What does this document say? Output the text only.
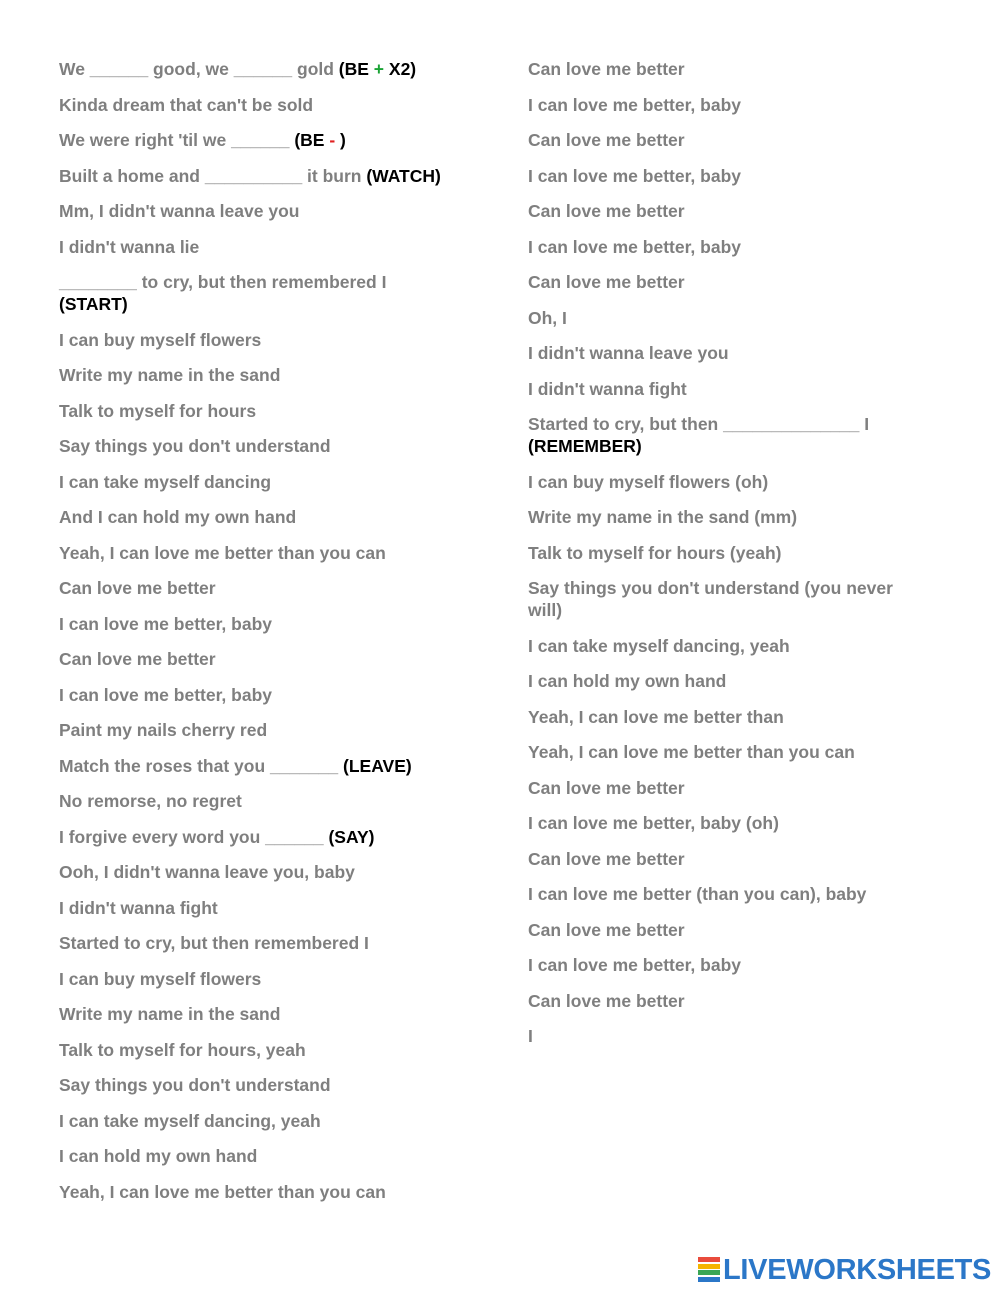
We ______ good, we ______ gold (BE + X2)
Kinda dream that can't be sold
We were right 'til we ______ (BE - )
Built a home and __________ it burn (WATCH)
Mm, I didn't wanna leave you
I didn't wanna lie
________ to cry, but then remembered I (START)
I can buy myself flowers
Write my name in the sand
Talk to myself for hours
Say things you don't understand
I can take myself dancing
And I can hold my own hand
Yeah, I can love me better than you can
Can love me better
I can love me better, baby
Can love me better
I can love me better, baby
Paint my nails cherry red
Match the roses that you _______ (LEAVE)
No remorse, no regret
I forgive every word you ______ (SAY)
Ooh, I didn't wanna leave you, baby
I didn't wanna fight
Started to cry, but then remembered I
I can buy myself flowers
Write my name in the sand
Talk to myself for hours, yeah
Say things you don't understand
I can take myself dancing, yeah
I can hold my own hand
Yeah, I can love me better than you can
Can love me better
I can love me better, baby
Can love me better
I can love me better, baby
Can love me better
I can love me better, baby
Can love me better
Oh, I
I didn't wanna leave you
I didn't wanna fight
Started to cry, but then ______________ I (REMEMBER)
I can buy myself flowers (oh)
Write my name in the sand (mm)
Talk to myself for hours (yeah)
Say things you don't understand (you never will)
I can take myself dancing, yeah
I can hold my own hand
Yeah, I can love me better than
Yeah, I can love me better than you can
Can love me better
I can love me better, baby (oh)
Can love me better
I can love me better (than you can), baby
Can love me better
I can love me better, baby
Can love me better
I
LIVEWORKSHEETS
